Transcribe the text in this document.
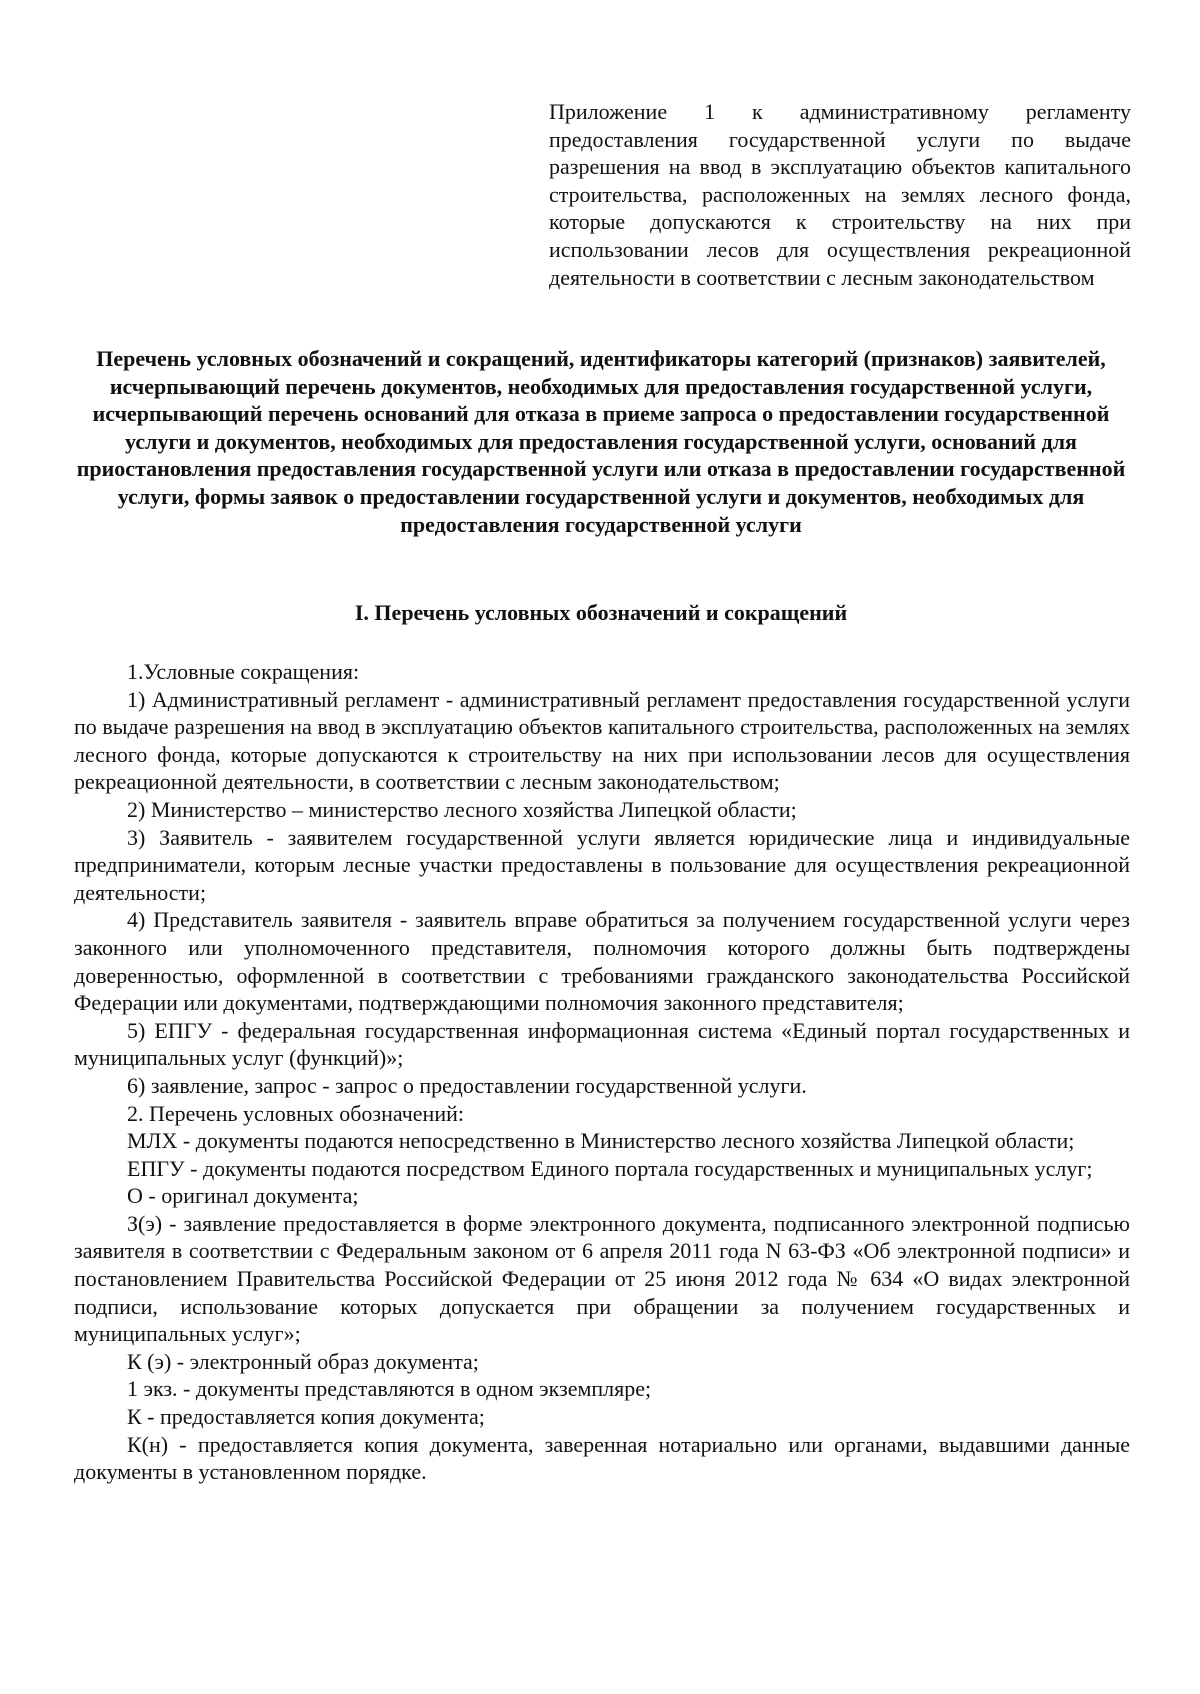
Приложение 1 к административному регламенту предоставления государственной услуги по выдаче разрешения на ввод в эксплуатацию объектов капитального строительства, расположенных на землях лесного фонда, которые допускаются к строительству на них при использовании лесов для осуществления рекреационной деятельности в соответствии с лесным законодательством
Перечень условных обозначений и сокращений, идентификаторы категорий (признаков) заявителей, исчерпывающий перечень документов, необходимых для предоставления государственной услуги, исчерпывающий перечень оснований для отказа в приеме запроса о предоставлении государственной услуги и документов, необходимых для предоставления государственной услуги, оснований для приостановления предоставления государственной услуги или отказа в предоставлении государственной услуги, формы заявок о предоставлении государственной услуги и документов, необходимых для предоставления государственной услуги
I. Перечень условных обозначений и сокращений

1.Условные сокращения:

1) Административный регламент - административный регламент предоставления государственной услуги по выдаче разрешения на ввод в эксплуатацию объектов капитального строительства, расположенных на землях лесного фонда, которые допускаются к строительству на них при использовании лесов для осуществления рекреационной деятельности, в соответствии с лесным законодательством;

2) Министерство – министерство лесного хозяйства Липецкой области;

3) Заявитель - заявителем государственной услуги является юридические лица и индивидуальные предприниматели, которым лесные участки предоставлены в пользование для осуществления рекреационной деятельности;

4) Представитель заявителя - заявитель вправе обратиться за получением государственной услуги через законного или уполномоченного представителя, полномочия которого должны быть подтверждены доверенностью, оформленной в соответствии с требованиями гражданского законодательства Российской Федерации или документами, подтверждающими полномочия законного представителя;

5) ЕПГУ - федеральная государственная информационная система «Единый портал государственных и муниципальных услуг (функций)»;

6) заявление, запрос - запрос о предоставлении государственной услуги.

2. Перечень условных обозначений:

МЛХ - документы подаются непосредственно в Министерство лесного хозяйства Липецкой области;

ЕПГУ - документы подаются посредством Единого портала государственных и муниципальных услуг;

О - оригинал документа;

З(э) - заявление предоставляется в форме электронного документа, подписанного электронной подписью заявителя в соответствии с Федеральным законом от 6 апреля 2011 года N 63-ФЗ «Об электронной подписи» и постановлением Правительства Российской Федерации от 25 июня 2012 года № 634 «О видах электронной подписи, использование которых допускается при обращении за получением государственных и муниципальных услуг»;

К (э) - электронный образ документа;

1 экз. - документы представляются в одном экземпляре;

К - предоставляется копия документа;

К(н) - предоставляется копия документа, заверенная нотариально или органами, выдавшими данные документы в установленном порядке.
